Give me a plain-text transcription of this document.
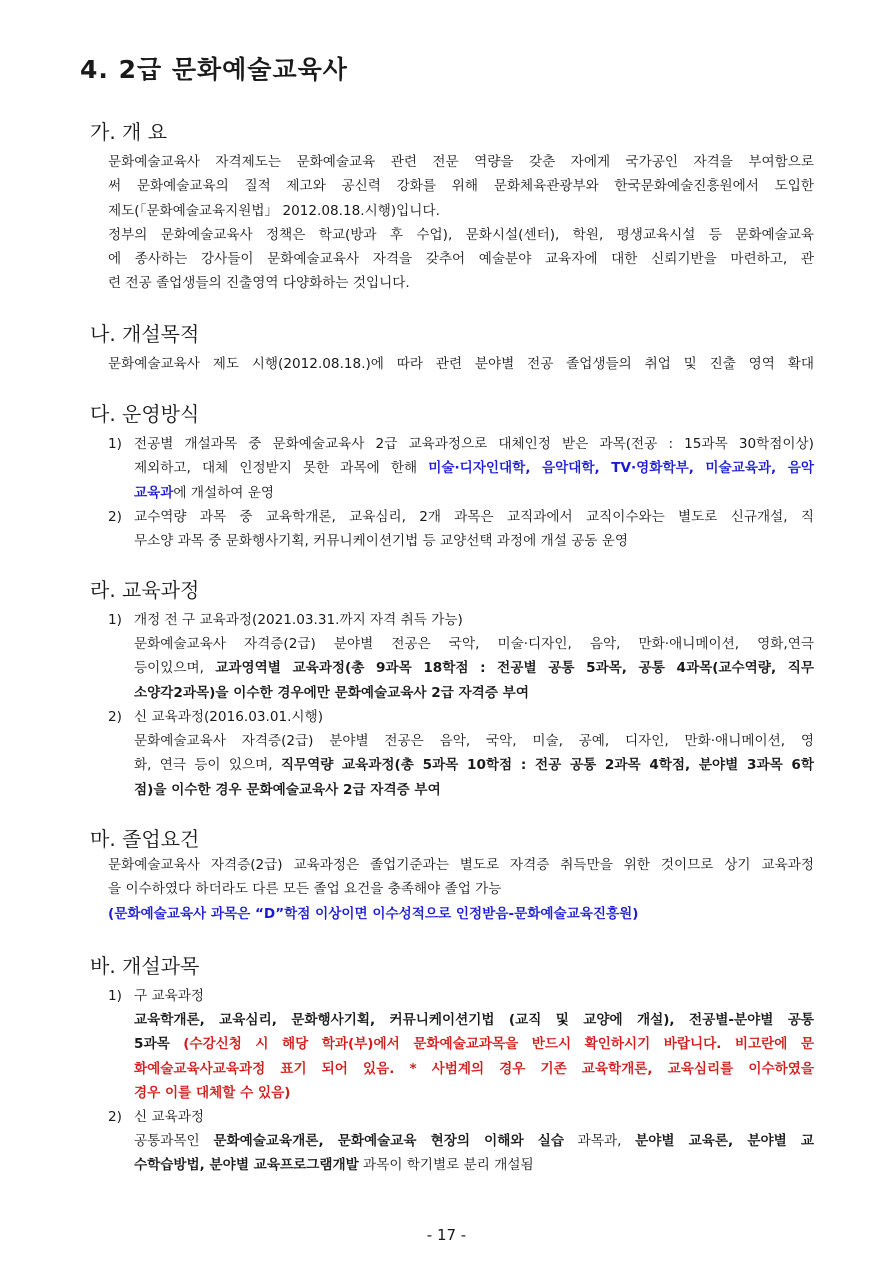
4. 2급 문화예술교육사
가. 개 요
문화예술교육사 자격제도는 문화예술교육 관련 전문 역량을 갖춘 자에게 국가공인 자격을 부여함으로
써 문화예술교육의 질적 제고와 공신력 강화를 위해 문화체육관광부와 한국문화예술진흥원에서 도입한
제도(「문화예술교육지원법」 2012.08.18.시행)입니다.
정부의 문화예술교육사 정책은 학교(방과 후 수업), 문화시설(센터), 학원, 평생교육시설 등 문화예술교육
에 종사하는 강사들이 문화예술교육사 자격을 갖추어 예술분야 교육자에 대한 신뢰기반을 마련하고, 관
련 전공 졸업생들의 진출영역 다양화하는 것입니다.
나. 개설목적
문화예술교육사 제도 시행(2012.08.18.)에 따라 관련 분야별 전공 졸업생들의 취업 및 진출 영역 확대
다. 운영방식
1) 전공별 개설과목 중 문화예술교육사 2급 교육과정으로 대체인정 받은 과목(전공 : 15과목 30학점이상)
제외하고, 대체 인정받지 못한 과목에 한해 미술·디자인대학, 음악대학, TV·영화학부, 미술교육과, 음악
교육과에 개설하여 운영
2) 교수역량 과목 중 교육학개론, 교육심리, 2개 과목은 교직과에서 교직이수와는 별도로 신규개설, 직
무소양 과목 중 문화행사기획, 커뮤니케이션기법 등 교양선택 과정에 개설 공동 운영
라. 교육과정
1) 개정 전 구 교육과정(2021.03.31.까지 자격 취득 가능)
문화예술교육사 자격증(2급) 분야별 전공은 국악, 미술·디자인, 음악, 만화·애니메이션, 영화,연극
등이있으며, 교과영역별 교육과정(총 9과목 18학점 : 전공별 공통 5과목, 공통 4과목(교수역량, 직무
소양각2과목)을 이수한 경우에만 문화예술교육사 2급 자격증 부여
2) 신 교육과정(2016.03.01.시행)
문화예술교육사 자격증(2급) 분야별 전공은 음악, 국악, 미술, 공예, 디자인, 만화·애니메이션, 영
화, 연극 등이 있으며, 직무역량 교육과정(총 5과목 10학점 : 전공 공통 2과목 4학점, 분야별 3과목 6학
점)을 이수한 경우 문화예술교육사 2급 자격증 부여
마. 졸업요건
문화예술교육사 자격증(2급) 교육과정은 졸업기준과는 별도로 자격증 취득만을 위한 것이므로 상기 교육과정
을 이수하였다 하더라도 다른 모든 졸업 요건을 충족해야 졸업 가능
(문화예술교육사 과목은 “D”학점 이상이면 이수성적으로 인정받음-문화예술교육진흥원)
바. 개설과목
1) 구 교육과정
교육학개론, 교육심리, 문화행사기획, 커뮤니케이션기법 (교직 및 교양에 개설), 전공별-분야별 공통
5과목 (수강신청 시 해당 학과(부)에서 문화예술교과목을 반드시 확인하시기 바랍니다. 비고란에 문
화예술교육사교육과정 표기 되어 있음. * 사범계의 경우 기존 교육학개론, 교육심리를 이수하였을
경우 이를 대체할 수 있음)
2) 신 교육과정
공통과목인 문화예술교육개론, 문화예술교육 현장의 이해와 실습 과목과, 분야별 교육론, 분야별 교
수학습방법, 분야별 교육프로그램개발 과목이 학기별로 분리 개설됨
- 17 -
